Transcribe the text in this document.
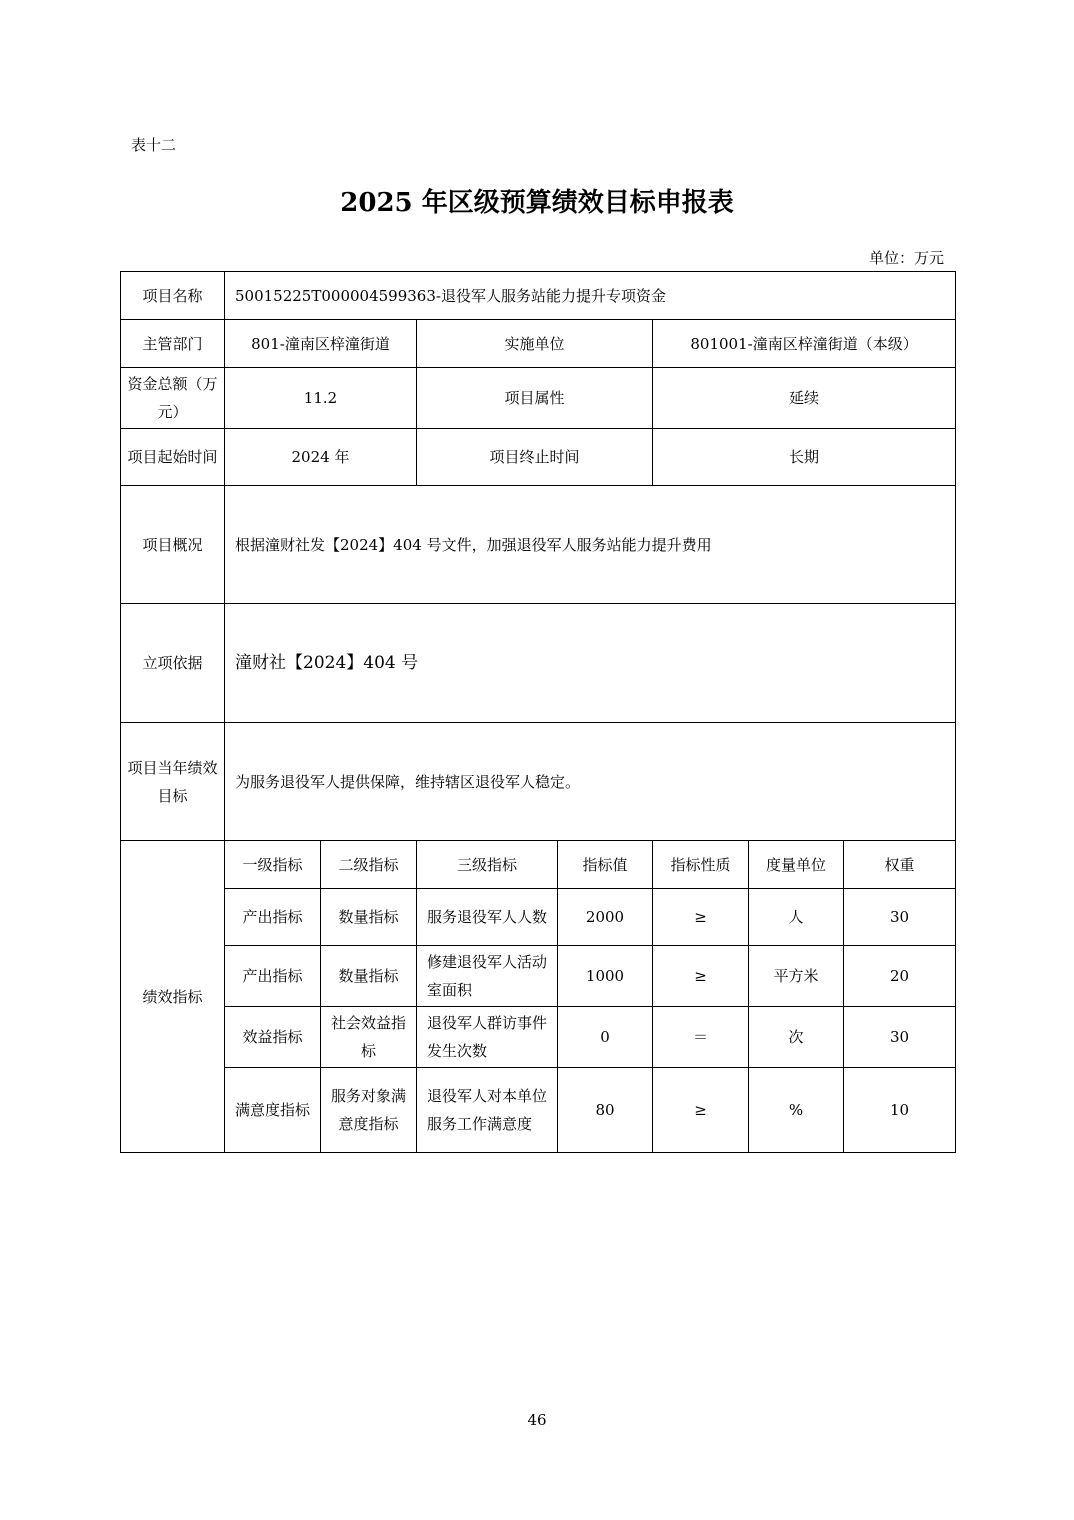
表十二
2025 年区级预算绩效目标申报表
单位：万元
项目名称	50015225T000004599363-退役军人服务站能力提升专项资金						
主管部门	801-潼南区梓潼街道		实施单位		801001-潼南区梓潼街道（本级）		
资金总额（万元）	11.2		项目属性		延续		
项目起始时间	2024 年		项目终止时间		长期		
项目概况	根据潼财社发【2024】404 号文件，加强退役军人服务站能力提升费用						
立项依据	潼财社【2024】404 号						
项目当年绩效目标	为服务退役军人提供保障，维持辖区退役军人稳定。						
绩效指标	一级指标	二级指标	三级指标	指标值	指标性质	度量单位	权重
	产出指标	数量指标	服务退役军人人数	2000	≥	人	30
	产出指标	数量指标	修建退役军人活动室面积	1000	≥	平方米	20
	效益指标	社会效益指标	退役军人群访事件发生次数	0	＝	次	30
	满意度指标	服务对象满意度指标	退役军人对本单位服务工作满意度	80	≥	%	10
46
